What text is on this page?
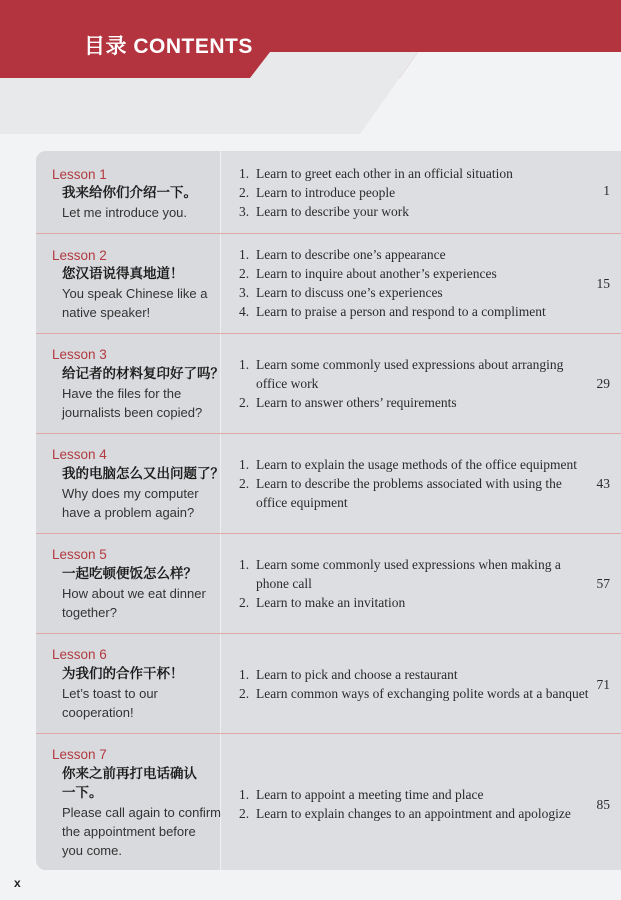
目录 CONTENTS
Lesson 1
我来给你们介绍一下。
Let me introduce you.
1. Learn to greet each other in an official situation
2. Learn to introduce people
3. Learn to describe your work
1
Lesson 2
您汉语说得真地道！
You speak Chinese like a
native speaker!
1. Learn to describe one’s appearance
2. Learn to inquire about another’s experiences
3. Learn to discuss one’s experiences
4. Learn to praise a person and respond to a compliment
15
Lesson 3
给记者的材料复印好了吗？
Have the files for the
journalists been copied?
1. Learn some commonly used expressions about arranging
office work
2. Learn to answer others’ requirements
29
Lesson 4
我的电脑怎么又出问题了？
Why does my computer
have a problem again?
1. Learn to explain the usage methods of the office equipment
2. Learn to describe the problems associated with using the
office equipment
43
Lesson 5
一起吃顿便饭怎么样？
How about we eat dinner
together?
1. Learn some commonly used expressions when making a
phone call
2. Learn to make an invitation
57
Lesson 6
为我们的合作干杯！
Let’s toast to our
cooperation!
1. Learn to pick and choose a restaurant
2. Learn common ways of exchanging polite words at a banquet
71
Lesson 7
你来之前再打电话确认
一下。
Please call again to confirm
the appointment before
you come.
1. Learn to appoint a meeting time and place
2. Learn to explain changes to an appointment and apologize
85
x
